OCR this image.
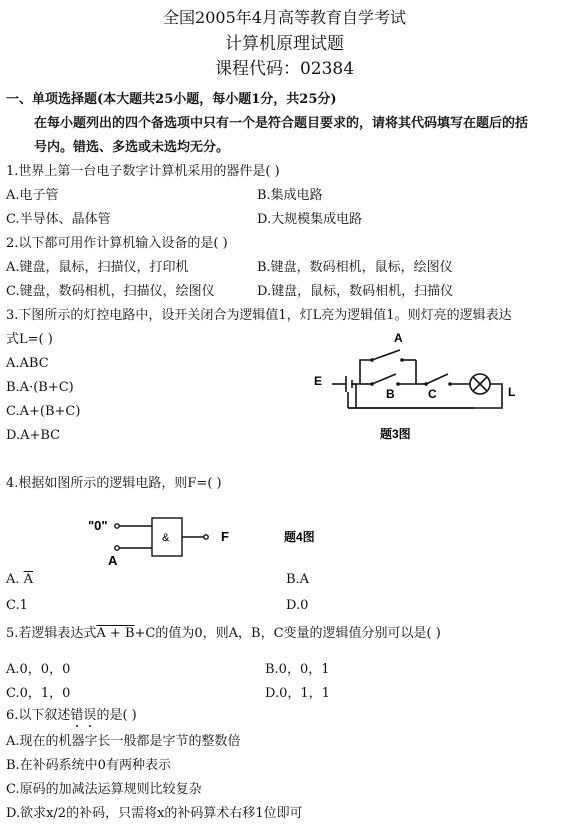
全国2005年4月高等教育自学考试
计算机原理试题
课程代码：02384
一、单项选择题(本大题共25小题，每小题1分，共25分)
在每小题列出的四个备选项中只有一个是符合题目要求的，请将其代码填写在题后的括
号内。错选、多选或未选均无分。
1.世界上第一台电子数字计算机采用的器件是( )
A.电子管	B.集成电路
C.半导体、晶体管	D.大规模集成电路
2.以下都可用作计算机输入设备的是( )
A.键盘，鼠标，扫描仪，打印机	B.键盘，数码相机，鼠标，绘图仪
C.键盘，数码相机，扫描仪，绘图仪	D.键盘，鼠标，数码相机，扫描仪
3.下图所示的灯控电路中，设开关闭合为逻辑值1，灯L亮为逻辑值1。则灯亮的逻辑表达
式L=( )
A.ABC
B.A·(B+C)
C.A+(B+C)
D.A+BC
A
B	C
E
L
题3图
4.根据如图所示的逻辑电路，则F=( )
"0"
&	F
A
题4图
A. $\overline{A}$	B.A
C.1	D.0
5.若逻辑表达式A + B+C的值为0，则A，B，C变量的逻辑值分别可以是( )
A.0，0，0	B.0，0，1
C.0，1，0	D.0，1，1
6.以下叙述错误的是( )
A.现在的机器字长一般都是字节的整数倍
B.在补码系统中0有两种表示
C.原码的加减法运算规则比较复杂
D.欲求x/2的补码，只需将x的补码算术右移1位即可
